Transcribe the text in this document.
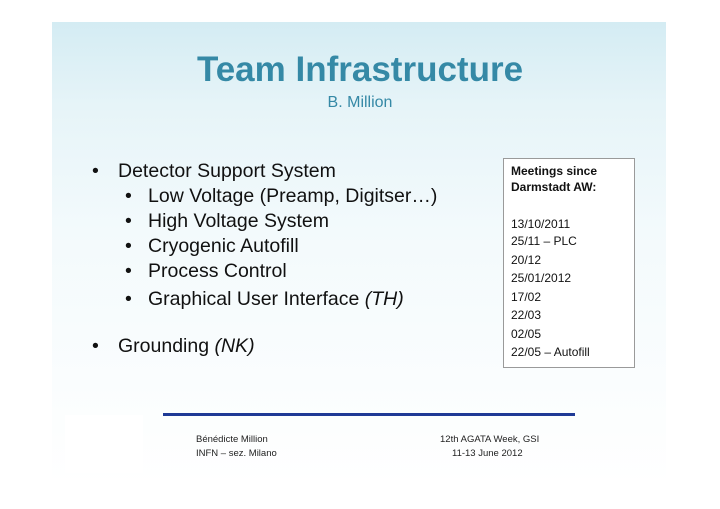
Team Infrastructure
B. Million
• Detector Support System
• Low Voltage (Preamp, Digitser…)
• High Voltage System
• Cryogenic Autofill
• Process Control
• Graphical User Interface (TH)
• Grounding (NK)
Meetings since
Darmstadt AW:
13/10/2011
25/11 – PLC
20/12
25/01/2012
17/02
22/03
02/05
22/05 – Autofill
Bénédicte Million
INFN – sez. Milano
12th AGATA Week, GSI
11-13 June 2012
